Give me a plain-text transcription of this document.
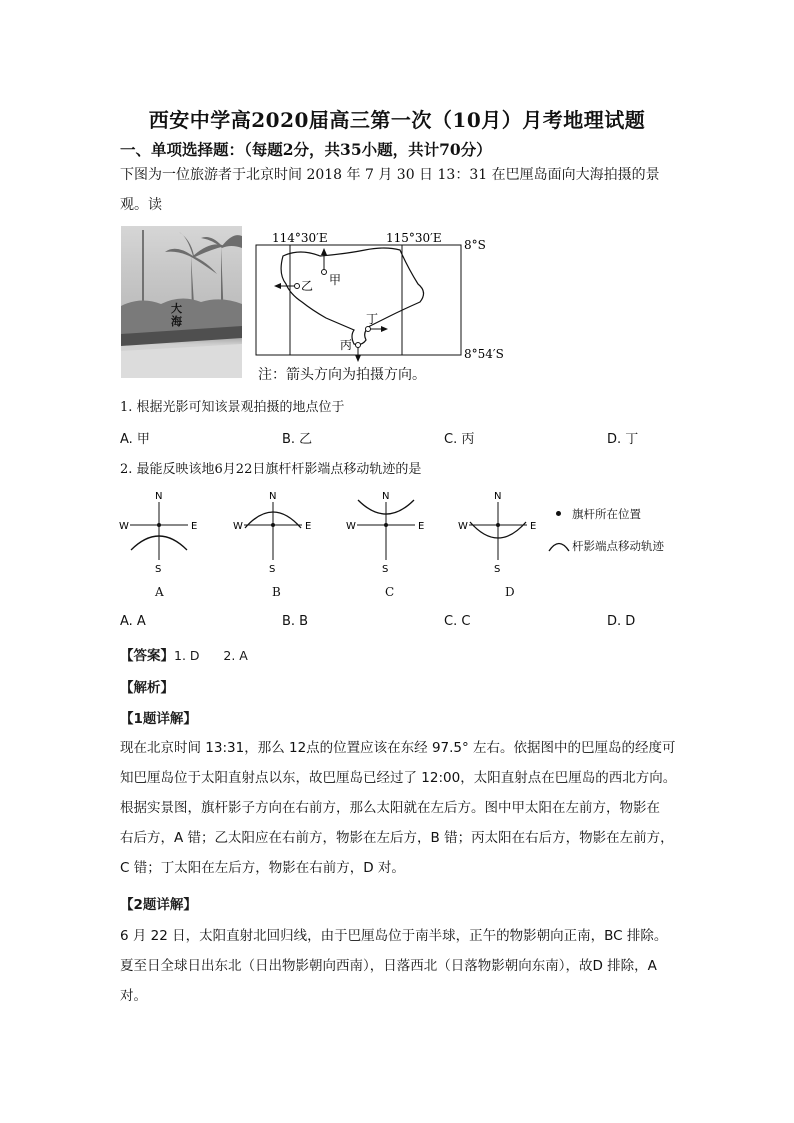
西安中学高2020届高三第一次（10月）月考地理试题
一、单项选择题：（每题2分，共35小题，共计70分）
下图为一位旅游者于北京时间 2018 年 7 月 30 日 13：31 在巴厘岛面向大海拍摄的景观。读
大海
114°30′E	115°30′E 8°S
8°54′S
甲
乙
丁
丙
注：箭头方向为拍摄方向。
1. 根据光影可知该景观拍摄的地点位于
A. 甲	B. 乙	C. 丙	D. 丁
2. 最能反映该地6月22日旗杆杆影端点移动轨迹的是
N
S
W	E
A
N
S
W	E
B
N
S
W	E
C
N
S
W	E
D
旗杆所在位置
杆影端点移动轨迹
A. A	B. B	C. C	D. D
【答案】1. D      2. A
【解析】
【1题详解】
现在北京时间 13:31，那么 12点的位置应该在东经 97.5° 左右。依据图中的巴厘岛的经度可
知巴厘岛位于太阳直射点以东，故巴厘岛已经过了 12:00，太阳直射点在巴厘岛的西北方向。
根据实景图，旗杆影子方向在右前方，那么太阳就在左后方。图中甲太阳在左前方，物影在
右后方，A 错；乙太阳应在右前方，物影在左后方，B 错；丙太阳在右后方，物影在左前方，
C 错；丁太阳在左后方，物影在右前方，D 对。
【2题详解】
6 月 22 日，太阳直射北回归线，由于巴厘岛位于南半球，正午的物影朝向正南，BC 排除。
夏至日全球日出东北（日出物影朝向西南），日落西北（日落物影朝向东南），故D 排除，A
对。
